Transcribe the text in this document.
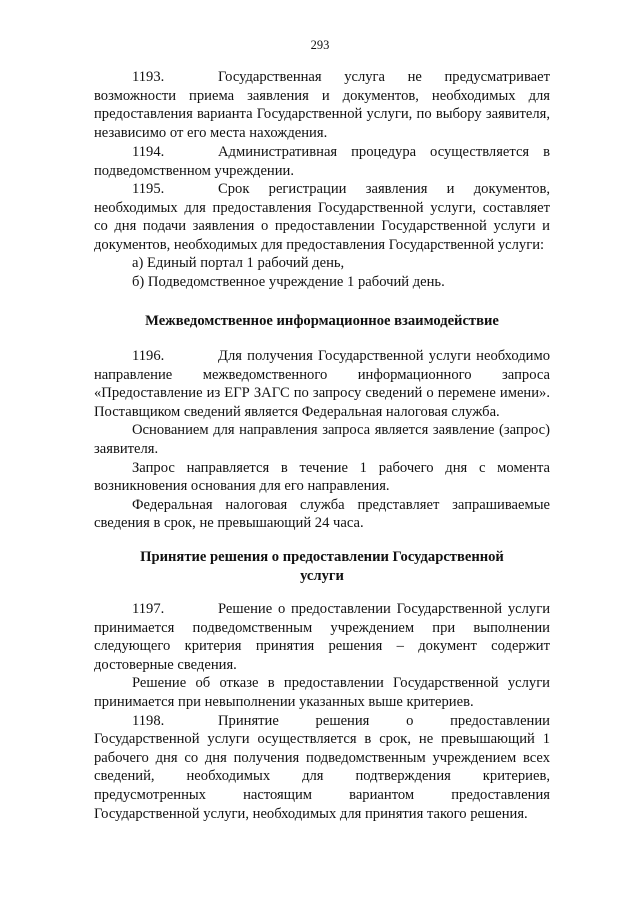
293

1193.	Государственная услуга не предусматривает возможности приема заявления и документов, необходимых для предоставления варианта Государственной услуги, по выбору заявителя, независимо от его места нахождения.

1194.	Административная процедура осуществляется в подведомственном учреждении.

1195.	Срок регистрации заявления и документов, необходимых для предоставления Государственной услуги, составляет со дня подачи заявления о предоставлении Государственной услуги и документов, необходимых для предоставления Государственной услуги:

а) Единый портал 1 рабочий день,

б) Подведомственное учреждение 1 рабочий день.

Межведомственное информационное взаимодействие

1196.	Для получения Государственной услуги необходимо направление межведомственного информационного запроса «Предоставление из ЕГР ЗАГС по запросу сведений о перемене имени». Поставщиком сведений является Федеральная налоговая служба.

Основанием для направления запроса является заявление (запрос) заявителя.

Запрос направляется в течение 1 рабочего дня с момента возникновения основания для его направления.

Федеральная налоговая служба представляет запрашиваемые сведения в срок, не превышающий 24 часа.

Принятие решения о предоставлении Государственной

услуги

1197.	Решение о предоставлении Государственной услуги принимается подведомственным учреждением при выполнении следующего критерия принятия решения – документ содержит достоверные сведения.

Решение об отказе в предоставлении Государственной услуги принимается при невыполнении указанных выше критериев.

1198.	Принятие решения о предоставлении Государственной услуги осуществляется в срок, не превышающий 1 рабочего дня со дня получения подведомственным учреждением всех сведений, необходимых для подтверждения критериев, предусмотренных настоящим вариантом предоставления Государственной услуги, необходимых для принятия такого решения.
